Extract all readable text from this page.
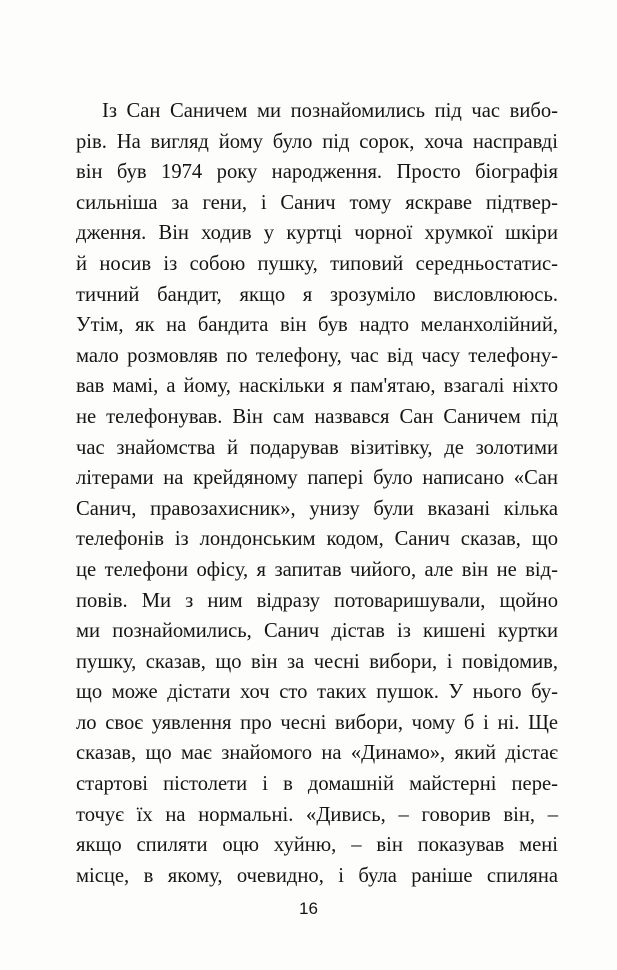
Із Сан Саничем ми познайомились під час вибо-
рів. На вигляд йому було під сорок, хоча насправді
він був 1974 року народження. Просто біографія
сильніша за гени, і Санич тому яскраве підтвер-
дження. Він ходив у куртці чорної хрумкої шкіри
й носив із собою пушку, типовий середньостатис-
тичний бандит, якщо я зрозуміло висловлююсь.
Утім, як на бандита він був надто меланхолійний,
мало розмовляв по телефону, час від часу телефону-
вав мамі, а йому, наскільки я пам'ятаю, взагалі ніхто
не телефонував. Він сам назвався Сан Саничем під
час знайомства й подарував візитівку, де золотими
літерами на крейдяному папері було написано «Сан
Санич, правозахисник», унизу були вказані кілька
телефонів із лондонським кодом, Санич сказав, що
це телефони офісу, я запитав чийого, але він не від-
повів. Ми з ним відразу потоваришували, щойно
ми познайомились, Санич дістав із кишені куртки
пушку, сказав, що він за чесні вибори, і повідомив,
що може дістати хоч сто таких пушок. У нього бу-
ло своє уявлення про чесні вибори, чому б і ні. Ще
сказав, що має знайомого на «Динамо», який дістає
стартові пістолети і в домашній майстерні пере-
точує їх на нормальні. «Дивись, – говорив він, –
якщо спиляти оцю хуйню, – він показував мені
місце, в якому, очевидно, і була раніше спиляна
16
